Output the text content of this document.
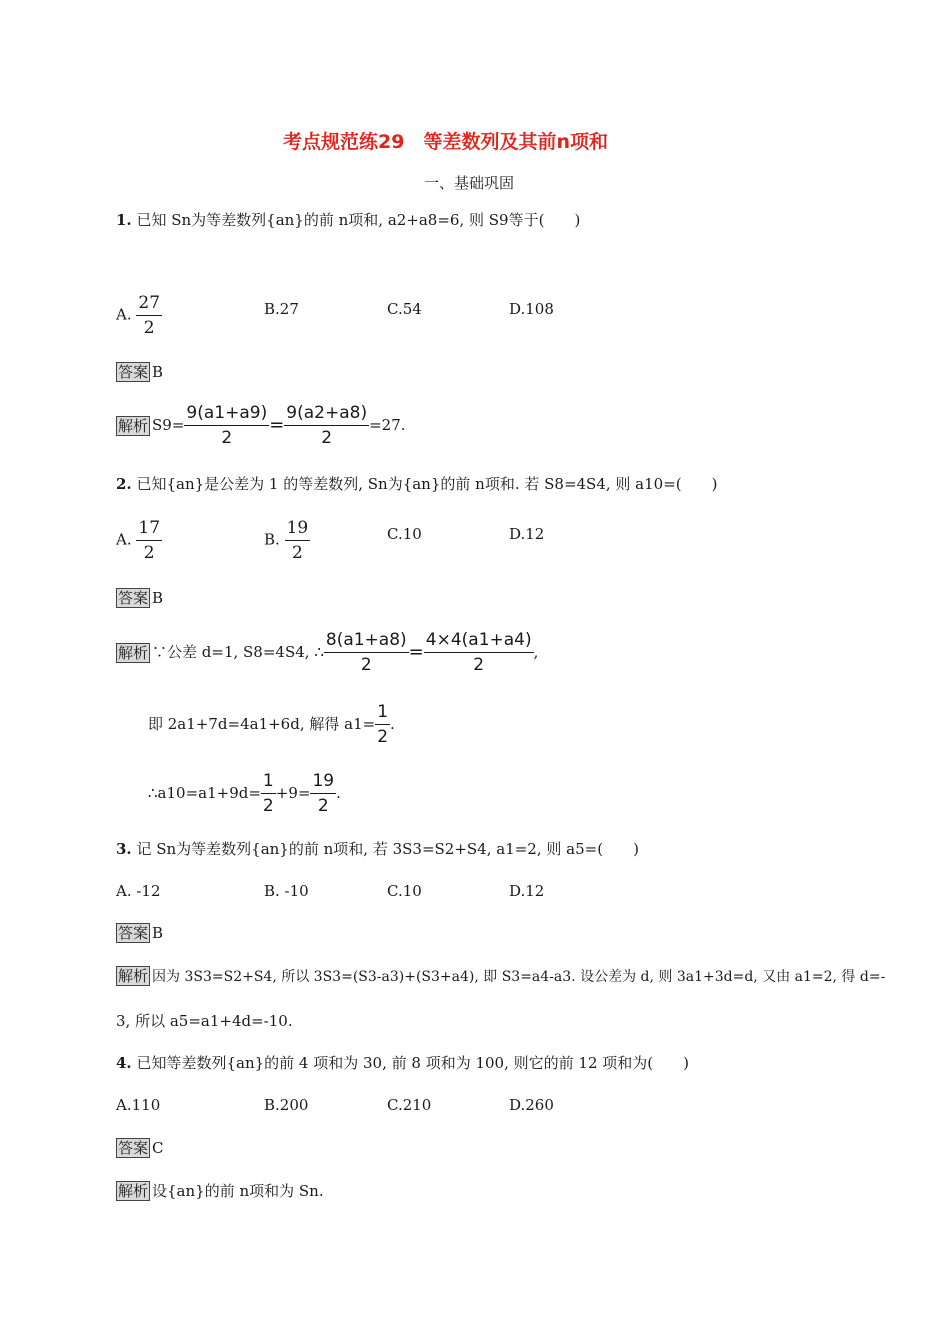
考点规范练29　等差数列及其前n项和
一、基础巩固
1. 已知 Sn为等差数列{an}的前 n项和, a2+a8=6, 则 S9等于(　　)
A. $\frac{27}{2}$	B.27	C.54	D.108
答案 B
解析 $S9= \frac{9(a1+a9)}{2} = \frac{9(a2+a8)}{2} =27$.
2. 已知{an}是公差为 1 的等差数列, Sn为{an}的前 n项和. 若 S8=4S4, 则 a10=(　　)
A. $\frac{17}{2}$	B. $\frac{19}{2}$	C.10	D.12
答案 B
解析 ∵公差 d=1, S8=4S4, ∴ $\frac{8(a1+a8)}{2} = \frac{4\times 4(a1+a4)}{2}$ ,
即 2a1+7d=4a1+6d, 解得 $a1= \frac{1}{2}$ .
∴a10=a1+9d= $\frac{1}{2} +9= \frac{19}{2}$ .
3. 记 Sn为等差数列{an}的前 n项和, 若 3S3=S2+S4, a1=2, 则 a5=(　　)
A. -12	B. -10	C.10	D.12
答案 B
解析 因为 3S3=S2+S4, 所以 3S3=(S3-a3)+(S3+a4), 即 S3=a4-a3. 设公差为 d, 则 3a1+3d=d, 又由 a1=2, 得 d=-
3, 所以 a5=a1+4d=-10.
4. 已知等差数列{an}的前 4 项和为 30, 前 8 项和为 100, 则它的前 12 项和为(　　)
A.110	B.200	C.210	D.260
答案 C
解析 设{an}的前 n项和为 Sn.
